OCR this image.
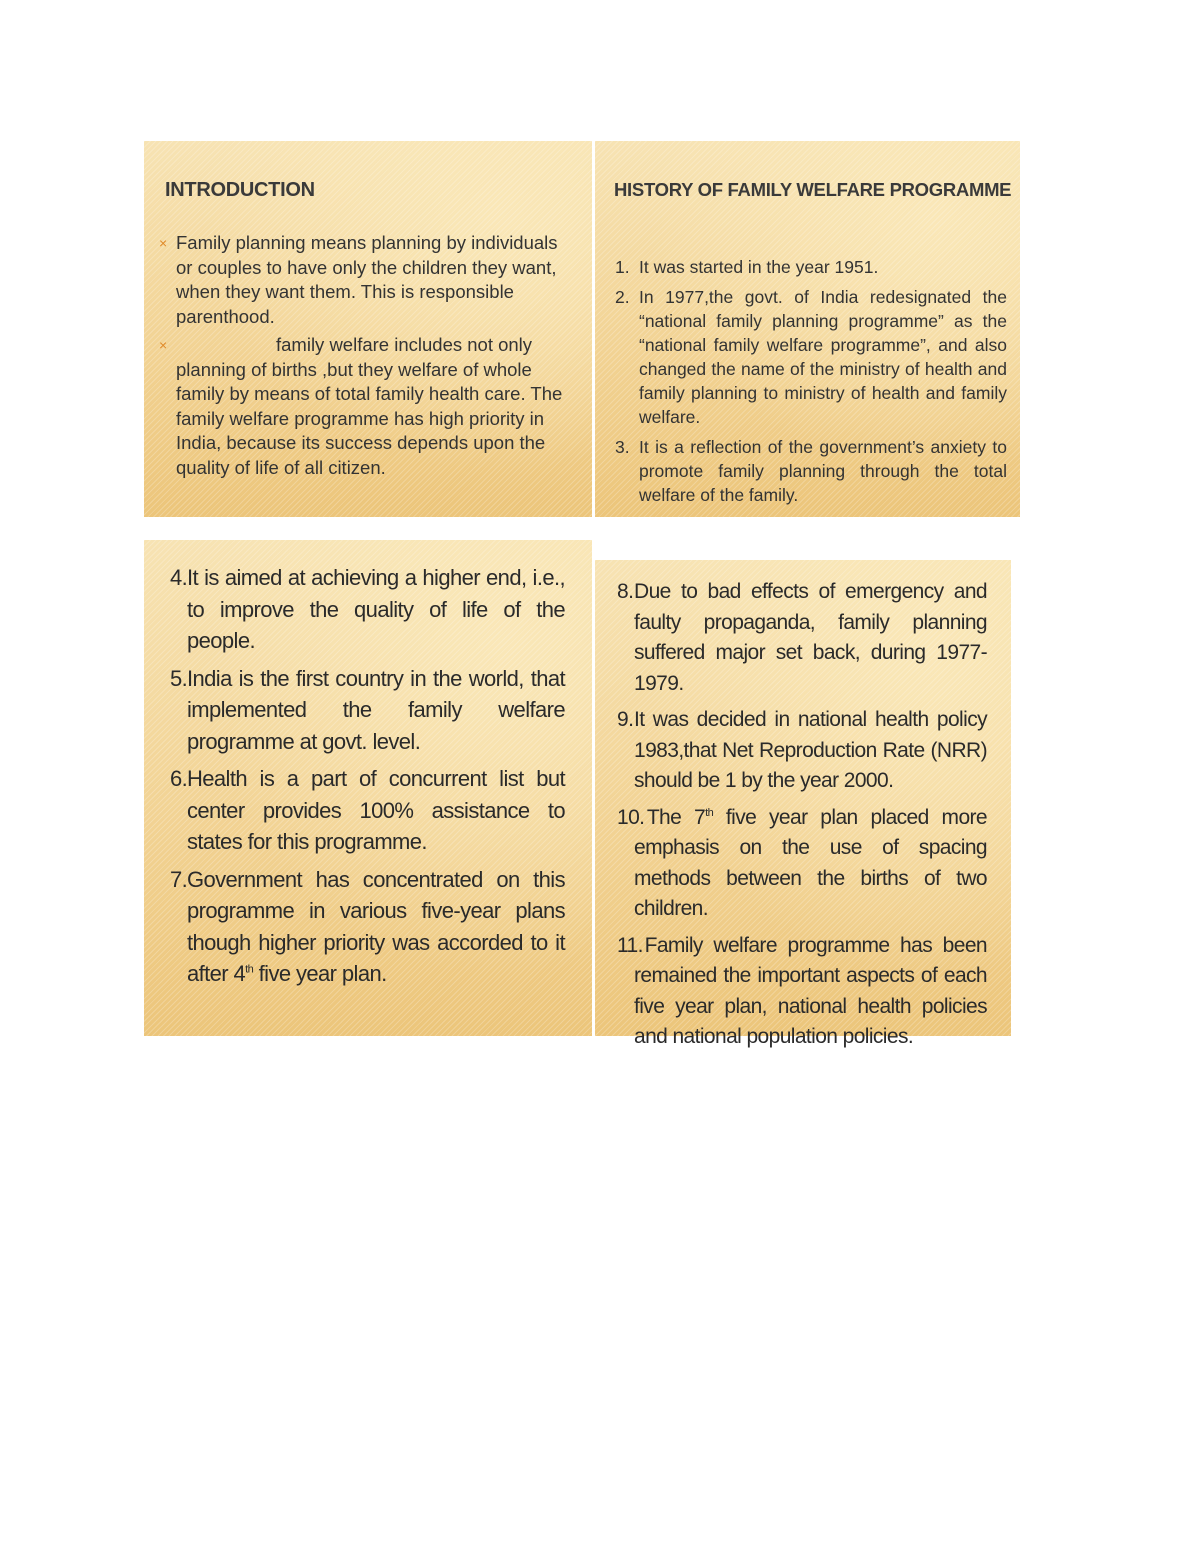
INTRODUCTION
× Family planning means planning by individuals or couples to have only the children they want, when they want them. This is responsible parenthood.
×	family welfare includes not only planning of births ,but they welfare of whole family by means of total family health care. The family welfare programme has high priority in India, because its success depends upon the quality of life of all citizen.
HISTORY OF FAMILY WELFARE PROGRAMME
1. It was started in the year 1951.
2. In 1977,the govt. of India redesignated the “national family planning programme” as the “national family welfare programme”, and also changed the name of the ministry of health and family planning to ministry of health and family welfare.
3. It is a reflection of the government’s anxiety to promote family planning through the total welfare of the family.
4. It is aimed at achieving a higher end, i.e., to improve the quality of life of the people.
5. India is the first country in the world, that implemented the family welfare programme at govt. level.
6. Health is a part of concurrent list but center provides 100% assistance to states for this programme.
7. Government has concentrated on this programme in various five-year plans though higher priority was accorded to it after 4th five year plan.
8. Due to bad effects of emergency and faulty propaganda, family planning suffered major set back, during 1977-1979.
9. It was decided in national health policy 1983,that Net Reproduction Rate (NRR) should be 1 by the year 2000.
10. The 7th five year plan placed more emphasis on the use of spacing methods between the births of two children.
11. Family welfare programme has been remained the important aspects of each five year plan, national health policies and national population policies.
